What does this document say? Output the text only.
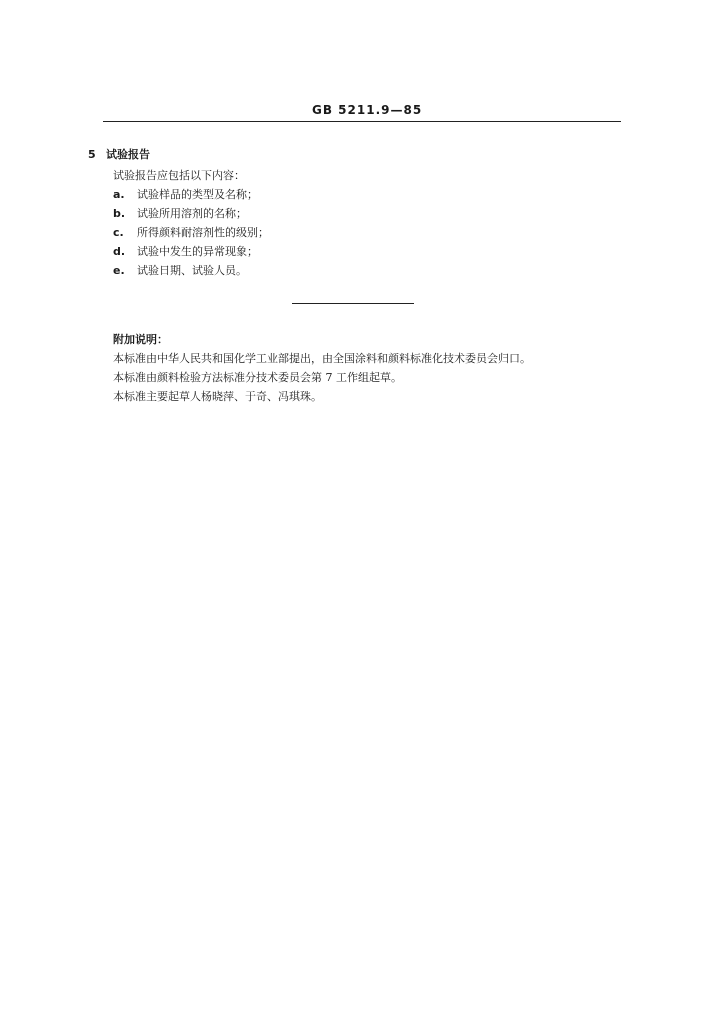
GB 5211.9—85
5 试验报告
试验报告应包括以下内容：
a. 试验样品的类型及名称；
b. 试验所用溶剂的名称；
c. 所得颜料耐溶剂性的级别；
d. 试验中发生的异常现象；
e. 试验日期、试验人员。
附加说明：
本标准由中华人民共和国化学工业部提出，由全国涂料和颜料标准化技术委员会归口。
本标准由颜料检验方法标准分技术委员会第 7 工作组起草。
本标准主要起草人杨晓萍、于奇、冯琪珠。
